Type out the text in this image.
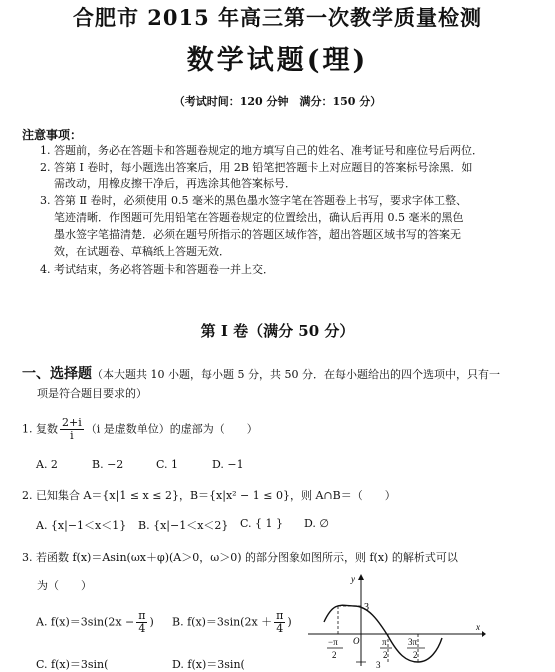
合肥市 2015 年高三第一次教学质量检测
数学试题(理)
（考试时间：120 分钟　满分：150 分）
注意事项：
1. 答题前，务必在答题卡和答题卷规定的地方填写自己的姓名、准考证号和座位号后两位．
2. 答第 Ⅰ 卷时，每小题选出答案后，用 2B 铅笔把答题卡上对应题目的答案标号涂黑．如
需改动，用橡皮擦干净后，再选涂其他答案标号．
3. 答第 Ⅱ 卷时，必须使用 0.5 毫米的黑色墨水签字笔在答题卷上书写，要求字体工整、
笔迹清晰．作图题可先用铅笔在答题卷规定的位置绘出，确认后再用 0.5 毫米的黑色
墨水签字笔描清楚．必须在题号所指示的答题区域作答，超出答题区域书写的答案无
效，在试题卷、草稿纸上答题无效．
4. 考试结束，务必将答题卡和答题卷一并上交．
第 Ⅰ 卷（满分 50 分）
一、选择题（本大题共 10 小题，每小题 5 分，共 50 分．在每小题给出的四个选项中，只有一
项是符合题目要求的）
1. 复数 $\frac{2+i}{i} (i$ 是虚数单位）的虚部为（　　）
A. 2	B. −2	C. 1	D. −1
2. 已知集合 A＝{x|1 ≤ x ≤ 2}，B＝{x|x² − 1 ≤ 0}，则 A∩B＝（　　）
A. {x|−1＜x＜1} B. {x|−1＜x＜2} C. { 1 } D. ∅
3. 若函数 f(x)＝Asin(ωx＋φ)(A＞0，ω＞0) 的部分图象如图所示，则 f(x) 的解析式可以
为（　　）
A. $f(x)=3\sin(2x - \frac{\pi}{4}$ ) B. $f(x)=3\sin(2x + \frac{\pi}{4}$ )
C. f(x)＝3sin(	D. f(x)＝3sin(
y
x
3
O
−π
2
π
2
3π
2
3
